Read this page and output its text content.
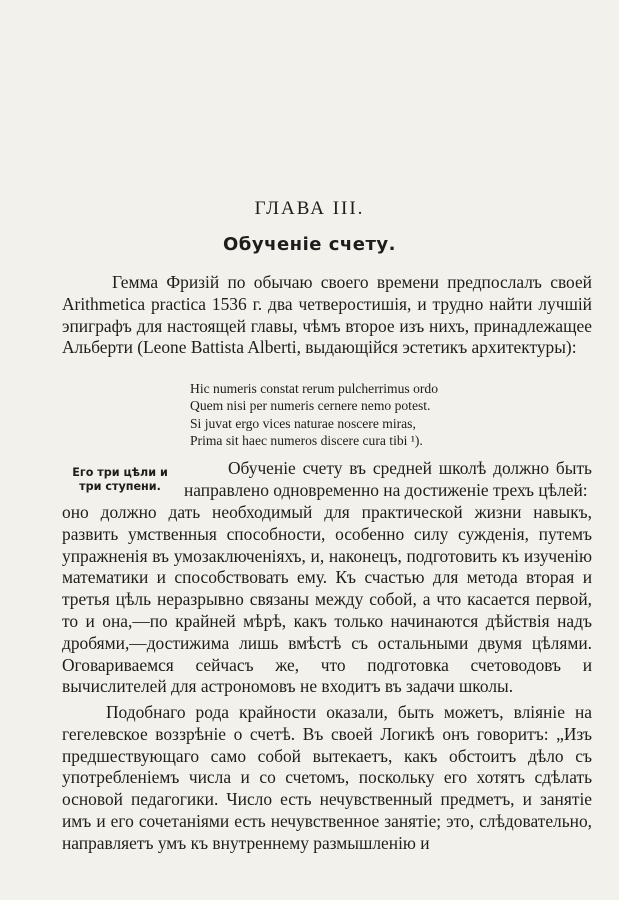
ГЛАВА III.
Обученіе счету.

Гемма Фризій по обычаю своего времени предпослалъ своей Arithmetica practica 1536 г. два четверостишія, и трудно найти лучшій эпиграфъ для настоящей главы, чѣмъ второе изъ нихъ, принадлежащее Альберти (Leone Battista Alberti, выдающійся эстетикъ архитектуры):

Hic numeris constat rerum pulcherrimus ordo
Quem nisi per numeris cernere nemo potest.
Si juvat ergo vices naturae noscere miras,
Prima sit haec numeros discere cura tibi ¹).
Его три цѣли и три ступени.

Обученіе счету въ средней школѣ должно быть направлено одновременно на достиженіе трехъ цѣлей:

оно должно дать необходимый для практической жизни навыкъ, развить умственныя способности, особенно силу сужденія, путемъ упражненія въ умозаключеніяхъ, и, наконецъ, подготовить къ изученію математики и способствовать ему. Къ счастью для метода вторая и третья цѣль неразрывно связаны между собой, а что касается первой, то и она,—по крайней мѣрѣ, какъ только начинаются дѣйствія надъ дробями,—достижима лишь вмѣстѣ съ остальными двумя цѣлями. Оговариваемся сейчасъ же, что подготовка счетоводовъ и вычислителей для астрономовъ не входитъ въ задачи школы.

Подобнаго рода крайности оказали, быть можетъ, вліяніе на гегелевское воззрѣніе о счетѣ. Въ своей Логикѣ онъ говоритъ: „Изъ предшествующаго само собой вытекаетъ, какъ обстоитъ дѣло съ употребленіемъ числа и со счетомъ, поскольку его хотятъ сдѣлать основой педагогики. Число есть нечувственный предметъ, и занятіе имъ и его сочетаніями есть нечувственное занятіе; это, слѣдовательно, направляетъ умъ къ внутреннему размышленію и
